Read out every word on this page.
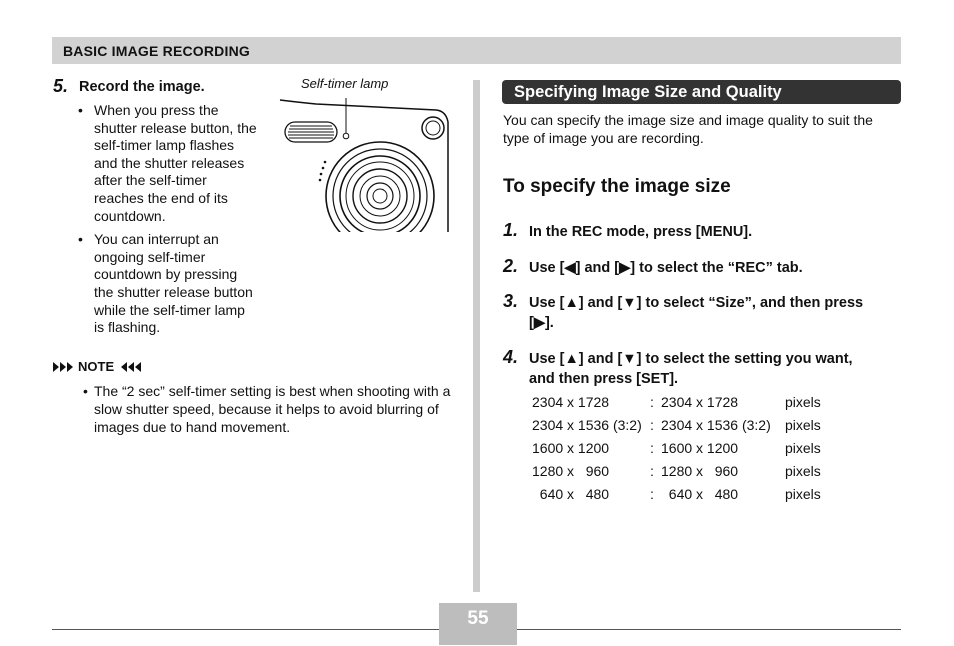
BASIC IMAGE RECORDING
5. Record the image.
• When you press the shutter release button, the self-timer lamp flashes and the shutter releases after the self-timer reaches the end of its countdown.
• You can interrupt an ongoing self-timer countdown by pressing the shutter release button while the self-timer lamp is flashing.
Self-timer lamp
NOTE
• The “2 sec” self-timer setting is best when shooting with a slow shutter speed, because it helps to avoid blurring of images due to hand movement.
Specifying Image Size and Quality
You can specify the image size and image quality to suit the type of image you are recording.
To specify the image size
1. In the REC mode, press [MENU].
2. Use [◀] and [▶] to select the “REC” tab.
3. Use [▲] and [▼] to select “Size”, and then press [▶].
4. Use [▲] and [▼] to select the setting you want, and then press [SET].
2304 x 1728	: 2304 x 1728	pixels
2304 x 1536 (3:2) : 2304 x 1536 (3:2) pixels
1600 x 1200	: 1600 x 1200	pixels
1280 x   960	: 1280 x   960	pixels
640 x   480	: 640 x   480	pixels
55
